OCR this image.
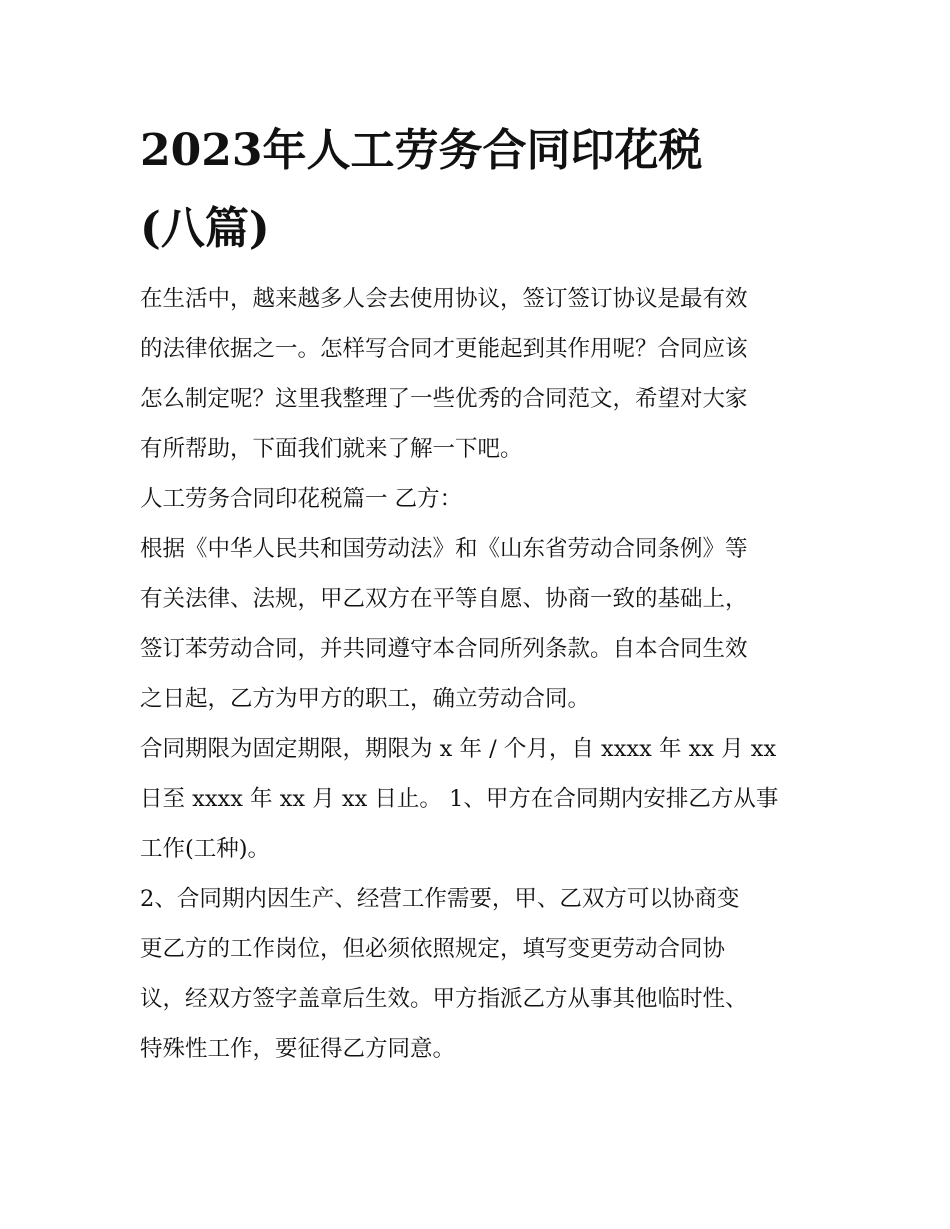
2023年人工劳务合同印花税
(八篇)

在生活中，越来越多人会去使用协议，签订签订协议是最有效

的法律依据之一。怎样写合同才更能起到其作用呢？合同应该

怎么制定呢？这里我整理了一些优秀的合同范文，希望对大家

有所帮助，下面我们就来了解一下吧。

人工劳务合同印花税篇一 乙方：

根据《中华人民共和国劳动法》和《山东省劳动合同条例》等

有关法律、法规，甲乙双方在平等自愿、协商一致的基础上，

签订苯劳动合同，并共同遵守本合同所列条款。自本合同生效

之日起，乙方为甲方的职工，确立劳动合同。

合同期限为固定期限，期限为 x 年 / 个月，自 xxxx 年 xx 月 xx

日至 xxxx 年 xx 月 xx 日止。 1、甲方在合同期内安排乙方从事

工作(工种)。

2、合同期内因生产、经营工作需要，甲、乙双方可以协商变

更乙方的工作岗位，但必须依照规定，填写变更劳动合同协

议，经双方签字盖章后生效。甲方指派乙方从事其他临时性、

特殊性工作，要征得乙方同意。
